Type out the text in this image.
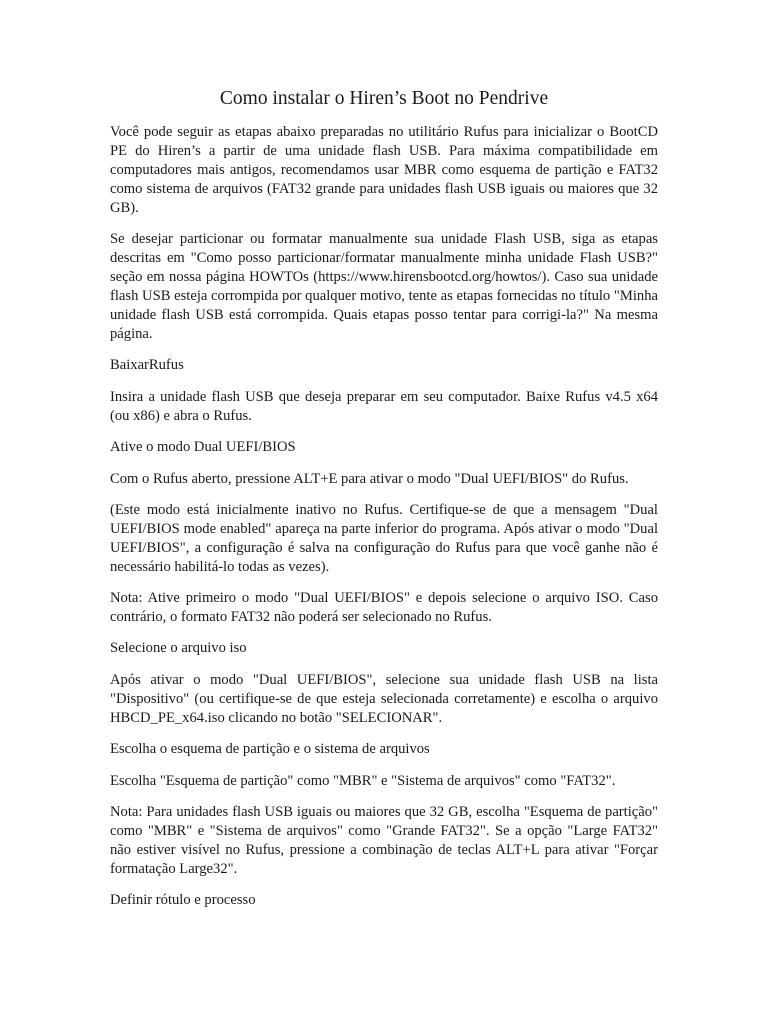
Como instalar o Hiren’s Boot no Pendrive

Você pode seguir as etapas abaixo preparadas no utilitário Rufus para inicializar o BootCD PE do Hiren’s a partir de uma unidade flash USB. Para máxima compatibilidade em computadores mais antigos, recomendamos usar MBR como esquema de partição e FAT32 como sistema de arquivos (FAT32 grande para unidades flash USB iguais ou maiores que 32 GB).

Se desejar particionar ou formatar manualmente sua unidade Flash USB, siga as etapas descritas em "Como posso particionar/formatar manualmente minha unidade Flash USB?" seção em nossa página HOWTOs (https://www.hirensbootcd.org/howtos/). Caso sua unidade flash USB esteja corrompida por qualquer motivo, tente as etapas fornecidas no título "Minha unidade flash USB está corrompida. Quais etapas posso tentar para corrigi-la?" Na mesma página.

BaixarRufus

Insira a unidade flash USB que deseja preparar em seu computador. Baixe Rufus v4.5 x64 (ou x86) e abra o Rufus.

Ative o modo Dual UEFI/BIOS

Com o Rufus aberto, pressione ALT+E para ativar o modo "Dual UEFI/BIOS" do Rufus.

(Este modo está inicialmente inativo no Rufus. Certifique-se de que a mensagem "Dual UEFI/BIOS mode enabled" apareça na parte inferior do programa. Após ativar o modo "Dual UEFI/BIOS", a configuração é salva na configuração do Rufus para que você ganhe não é necessário habilitá-lo todas as vezes).

Nota: Ative primeiro o modo "Dual UEFI/BIOS" e depois selecione o arquivo ISO. Caso contrário, o formato FAT32 não poderá ser selecionado no Rufus.

Selecione o arquivo iso

Após ativar o modo "Dual UEFI/BIOS", selecione sua unidade flash USB na lista "Dispositivo" (ou certifique-se de que esteja selecionada corretamente) e escolha o arquivo HBCD_PE_x64.iso clicando no botão "SELECIONAR".

Escolha o esquema de partição e o sistema de arquivos

Escolha "Esquema de partição" como "MBR" e "Sistema de arquivos" como "FAT32".

Nota: Para unidades flash USB iguais ou maiores que 32 GB, escolha "Esquema de partição" como "MBR" e "Sistema de arquivos" como "Grande FAT32". Se a opção "Large FAT32" não estiver visível no Rufus, pressione a combinação de teclas ALT+L para ativar "Forçar formatação Large32".

Definir rótulo e processo
